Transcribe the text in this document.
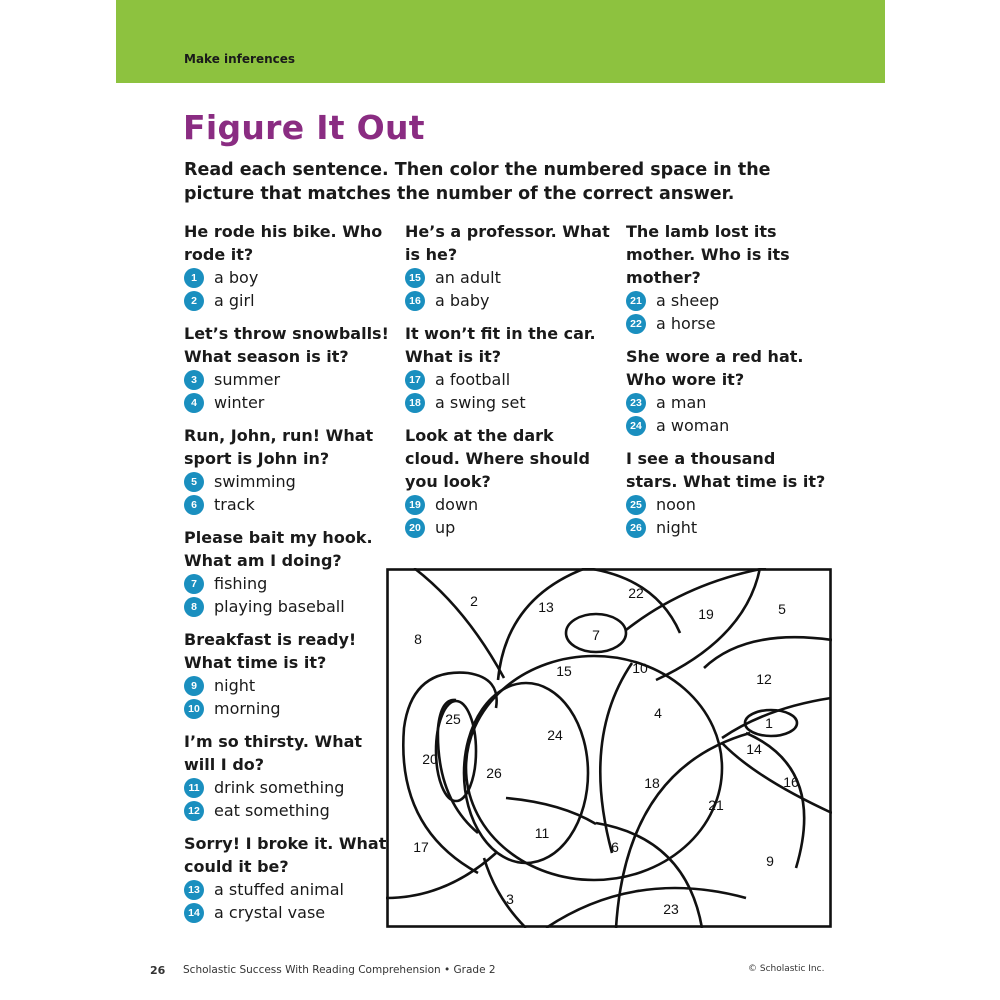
Make inferences
Figure It Out
Read each sentence. Then color the numbered space in the picture that matches the number of the correct answer.
He rode his bike. Who rode it?
1	a boy
2	a girl
Let’s throw snowballs! What season is it?
3	summer
4	winter
Run, John, run! What sport is John in?
5	swimming
6	track
Please bait my hook. What am I doing?
7	fishing
8	playing baseball
Breakfast is ready! What time is it?
9	night
10 morning
I’m so thirsty. What will I do?
11 drink something
12 eat something
Sorry! I broke it. What could it be?
13 a stuffed animal
14 a crystal vase
He’s a professor. What is he?
15 an adult
16 a baby
It won’t fit in the car. What is it?
17 a football
18 a swing set
Look at the dark cloud. Where should you look?
19 down
20 up
The lamb lost its mother. Who is its mother?
21 a sheep
22 a horse
She wore a red hat. Who wore it?
23 a man
24 a woman
I see a thousand stars. What time is it?
25 noon
26 night
1
2
3
4
5
6
7
8
9
10
11
12
13
14
15
16
17
18
19
20
21
22
23
24
25
26
26 Scholastic Success With Reading Comprehension • Grade 2	© Scholastic Inc.
